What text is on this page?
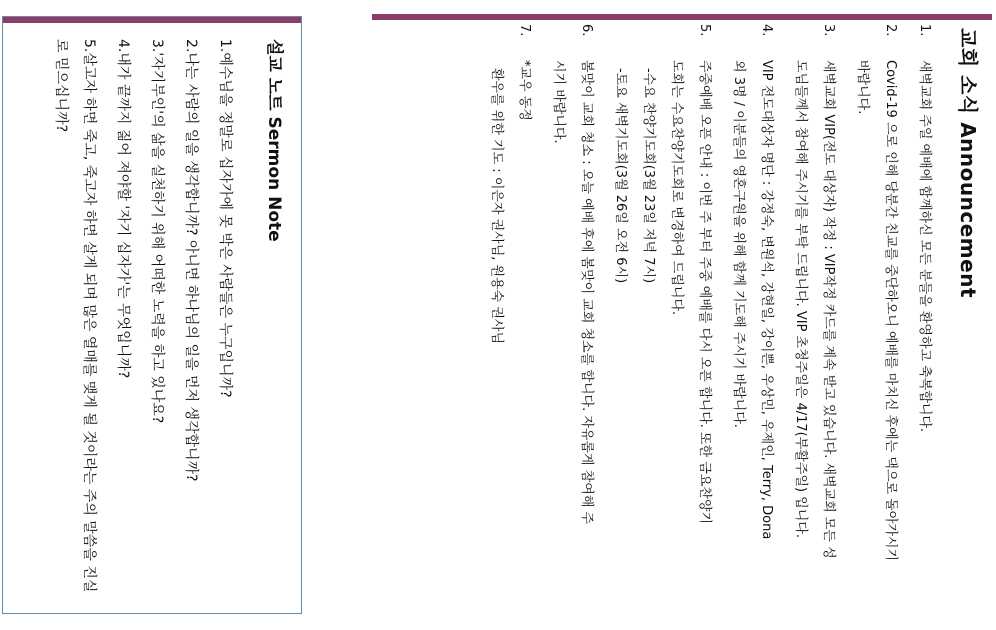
교회 소식 Announcement
1.
새벽교회 주일 예배에 함께하신 모든 분들을 환영하고 축복합니다.
2.
Covid-19 으로 인해 당분간 친교를 중단하오니 예배를 마치신 후에는 댁으로 돌아가시기
바랍니다.
3.
새벽교회 VIP(전도 대상자) 작정 : VIP작정 카드를 계속 받고 있습니다. 새벽교회 모든 성
도님들께서 참여해 주시기를 부탁 드립니다. VIP 초청주일은 4/17(부활주일) 입니다.
4.
VIP 전도대상자 명단 : 강정숙, 변원석, 강현일, 강이쁜, 우상민, 우제인, Terry, Dona
외 3명 / 이분들의 영혼구원을 위해 함께 기도해 주시기 바랍니다.
5.
주중예배 오픈 안내 : 이번 주 부터 주중 예배를 다시 오픈 합니다. 또한 금요찬양기
도회는 수요찬양기도회로 변경하여 드립니다.
-수요 찬양기도회(3월 23일 저녁 7시)
-토요 새벽기도회(3월 26일 오전 6시)
6.
봄맞이 교회 청소 : 오늘 예배 후에 봄맞이 교회 청소를 합니다. 자유롭게 참여해 주
시기 바랍니다.
7.
*교우 동정
환우를 위한 기도 : 이은자 권사님, 원용숙 권사님
설교 노트 Sermon Note
1.예수님을 정말로 십자가에 못 박은 사람들은 누구입니까?
2.나는 사람의 일을 생각합니까? 아니면 하나님의 일을 먼저 생각합니까?
3.'자기부인'의 삶을 실천하기 위해 어떠한 노력을 하고 있나요?
4.내가 끝까지 짊어 져야할 '자기 십자가'는 무엇입니까?
5.살고자 하면 죽고, 죽고자 하면 살게 되며 많은 열매를 맺게 될 것이라는 주의 말씀을 진실로 믿으십니까?
